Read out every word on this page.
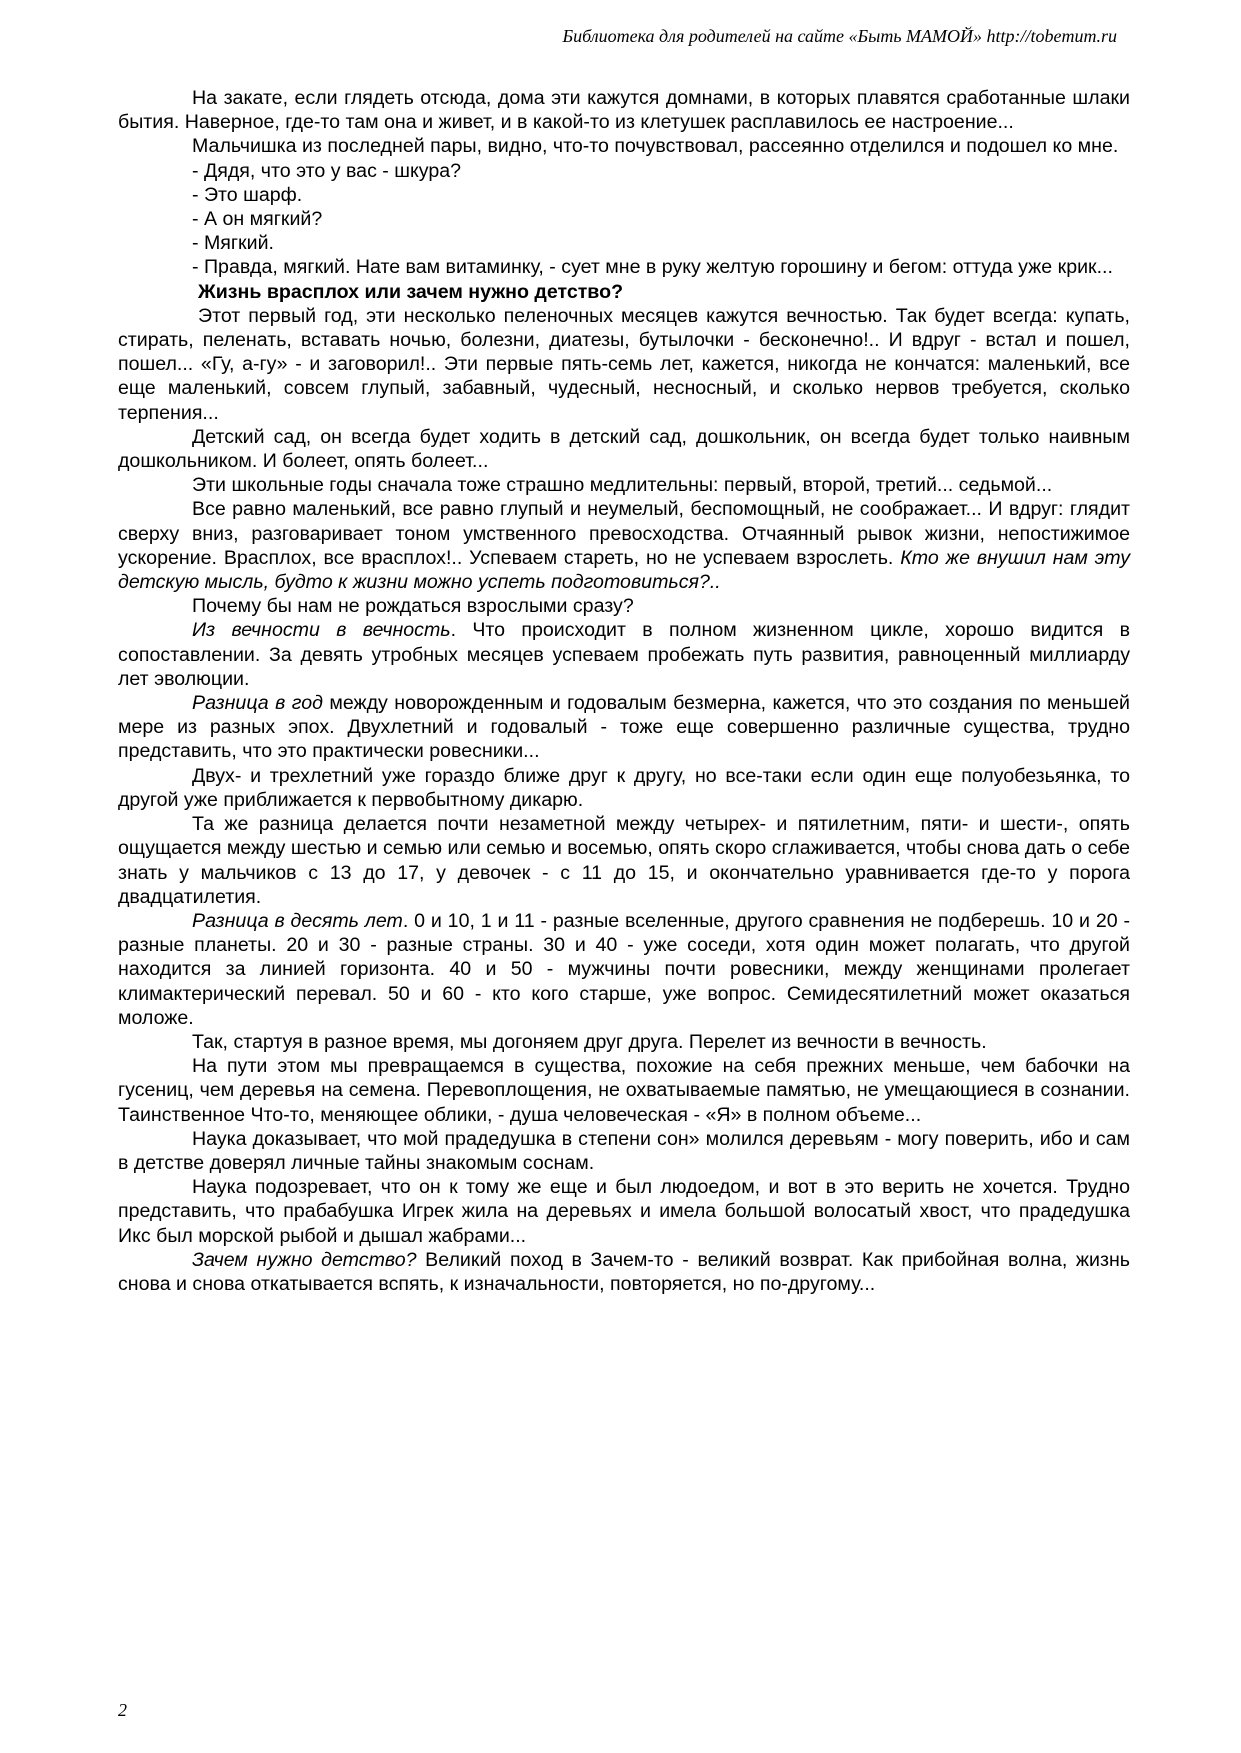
Библиотека для родителей на сайте «Быть МАМОЙ» http://tobemum.ru

На закате, если глядеть отсюда, дома эти кажутся домнами, в которых плавятся сработанные шлаки бытия. Наверное, где-то там она и живет, и в какой-то из клетушек расплавилось ее настроение...

Мальчишка из последней пары, видно, что-то почувствовал, рассеянно отделился и подошел ко мне.

- Дядя, что это у вас - шкура?

- Это шарф.

- А он мягкий?

- Мягкий.

- Правда, мягкий. Нате вам витаминку, - сует мне в руку желтую горошину и бегом: оттуда уже крик...

Жизнь врасплох или зачем нужно детство?

Этот первый год, эти несколько пеленочных месяцев кажутся вечностью. Так будет всегда: купать, стирать, пеленать, вставать ночью, болезни, диатезы, бутылочки - бесконечно!.. И вдруг - встал и пошел, пошел... «Гу, а-гу» - и заговорил!.. Эти первые пять-семь лет, кажется, никогда не кончатся: маленький, все еще маленький, совсем глупый, забавный, чудесный, несносный, и сколько нервов требуется, сколько терпения...

Детский сад, он всегда будет ходить в детский сад, дошкольник, он всегда будет только наивным дошкольником. И болеет, опять болеет...

Эти школьные годы сначала тоже страшно медлительны: первый, второй, третий... седьмой...

Все равно маленький, все равно глупый и неумелый, беспомощный, не соображает... И вдруг: глядит сверху вниз, разговаривает тоном умственного превосходства. Отчаянный рывок жизни, непостижимое ускорение. Врасплох, все врасплох!.. Успеваем стареть, но не успеваем взрослеть. Кто же внушил нам эту детскую мысль, будто к жизни можно успеть подготовиться?..

Почему бы нам не рождаться взрослыми сразу?

Из вечности в вечность. Что происходит в полном жизненном цикле, хорошо видится в сопоставлении. За девять утробных месяцев успеваем пробежать путь развития, равноценный миллиарду лет эволюции.

Разница в год между новорожденным и годовалым безмерна, кажется, что это создания по меньшей мере из разных эпох. Двухлетний и годовалый - тоже еще совершенно различные существа, трудно представить, что это практически ровесники...

Двух- и трехлетний уже гораздо ближе друг к другу, но все-таки если один еще полуобезьянка, то другой уже приближается к первобытному дикарю.

Та же разница делается почти незаметной между четырех- и пятилетним, пяти- и шести-, опять ощущается между шестью и семью или семью и восемью, опять скоро сглаживается, чтобы снова дать о себе знать у мальчиков с 13 до 17, у девочек - с 11 до 15, и окончательно уравнивается где-то у порога двадцатилетия.

Разница в десять лет. 0 и 10, 1 и 11 - разные вселенные, другого сравнения не подберешь. 10 и 20 - разные планеты. 20 и 30 - разные страны. 30 и 40 - уже соседи, хотя один может полагать, что другой находится за линией горизонта. 40 и 50 - мужчины почти ровесники, между женщинами пролегает климактерический перевал. 50 и 60 - кто кого старше, уже вопрос. Семидесятилетний может оказаться моложе.

Так, стартуя в разное время, мы догоняем друг друга. Перелет из вечности в вечность.

На пути этом мы превращаемся в существа, похожие на себя прежних меньше, чем бабочки на гусениц, чем деревья на семена. Перевоплощения, не охватываемые памятью, не умещающиеся в сознании. Таинственное Что-то, меняющее облики, - душа человеческая - «Я» в полном объеме...

Наука доказывает, что мой прадедушка в степени сон» молился деревьям - могу поверить, ибо и сам в детстве доверял личные тайны знакомым соснам.

Наука подозревает, что он к тому же еще и был людоедом, и вот в это верить не хочется. Трудно представить, что прабабушка Игрек жила на деревьях и имела большой волосатый хвост, что прадедушка Икс был морской рыбой и дышал жабрами...

Зачем нужно детство? Великий поход в Зачем-то - великий возврат. Как прибойная волна, жизнь снова и снова откатывается вспять, к изначальности, повторяется, но по-другому...

2
